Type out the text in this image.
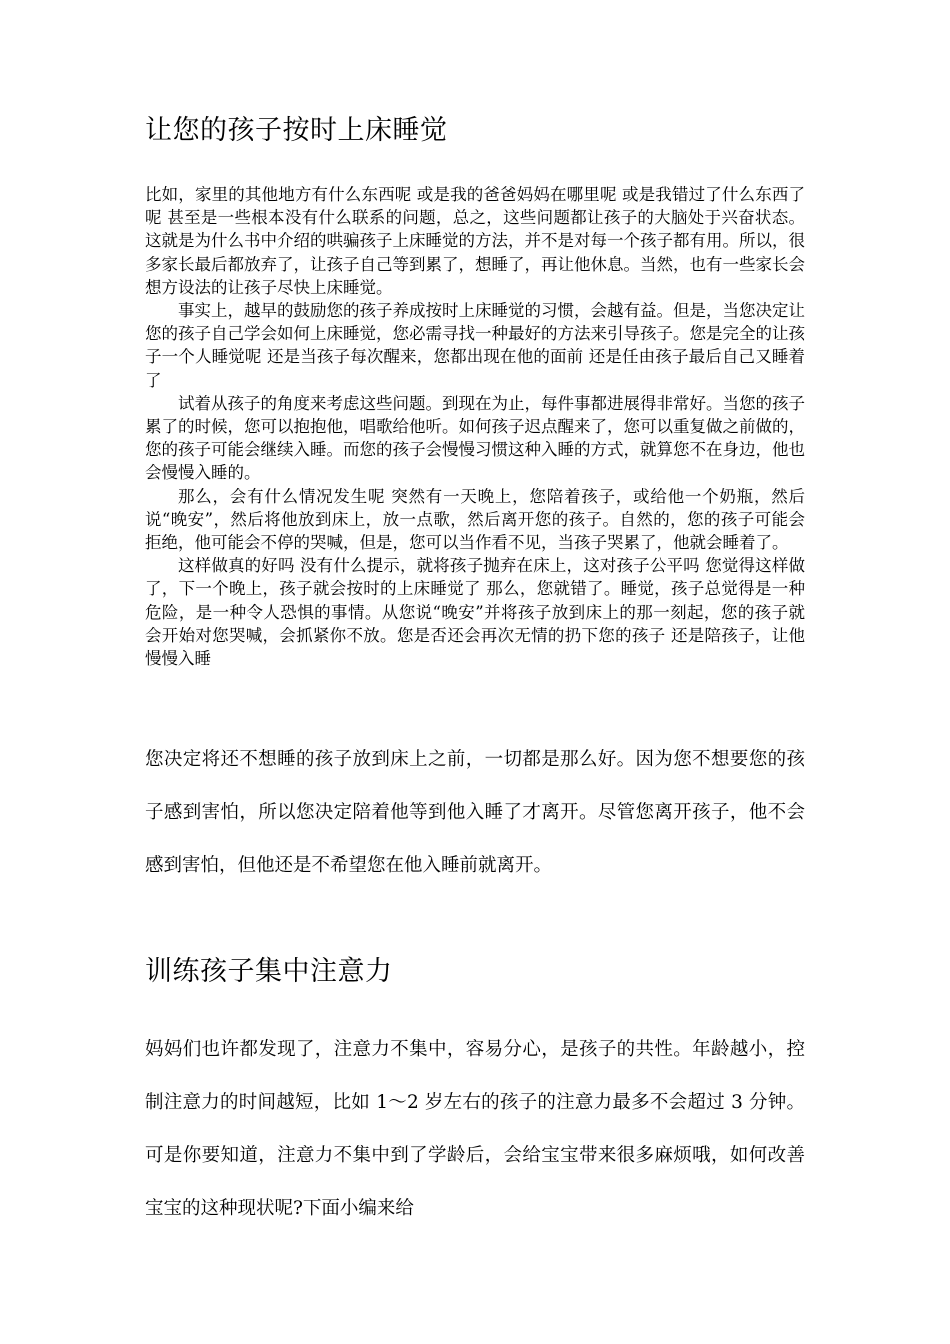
让您的孩子按时上床睡觉

比如，家里的其他地方有什么东西呢 或是我的爸爸妈妈在哪里呢 或是我错过了什么东西了呢 甚至是一些根本没有什么联系的问题，总之，这些问题都让孩子的大脑处于兴奋状态。这就是为什么书中介绍的哄骗孩子上床睡觉的方法，并不是对每一个孩子都有用。所以，很多家长最后都放弃了，让孩子自己等到累了，想睡了，再让他休息。当然，也有一些家长会想方设法的让孩子尽快上床睡觉。

事实上，越早的鼓励您的孩子养成按时上床睡觉的习惯，会越有益。但是，当您决定让您的孩子自己学会如何上床睡觉，您必需寻找一种最好的方法来引导孩子。您是完全的让孩子一个人睡觉呢 还是当孩子每次醒来，您都出现在他的面前 还是任由孩子最后自己又睡着了

试着从孩子的角度来考虑这些问题。到现在为止，每件事都进展得非常好。当您的孩子累了的时候，您可以抱抱他，唱歌给他听。如何孩子迟点醒来了，您可以重复做之前做的，您的孩子可能会继续入睡。而您的孩子会慢慢习惯这种入睡的方式，就算您不在身边，他也会慢慢入睡的。

那么，会有什么情况发生呢 突然有一天晚上，您陪着孩子，或给他一个奶瓶，然后说“晚安”，然后将他放到床上，放一点歌，然后离开您的孩子。自然的，您的孩子可能会拒绝，他可能会不停的哭喊，但是，您可以当作看不见，当孩子哭累了，他就会睡着了。

这样做真的好吗 没有什么提示，就将孩子抛弃在床上，这对孩子公平吗 您觉得这样做了，下一个晚上，孩子就会按时的上床睡觉了 那么，您就错了。睡觉，孩子总觉得是一种危险，是一种令人恐惧的事情。从您说“晚安”并将孩子放到床上的那一刻起，您的孩子就会开始对您哭喊，会抓紧你不放。您是否还会再次无情的扔下您的孩子 还是陪孩子，让他慢慢入睡

您决定将还不想睡的孩子放到床上之前，一切都是那么好。因为您不想要您的孩子感到害怕，所以您决定陪着他等到他入睡了才离开。尽管您离开孩子，他不会感到害怕，但他还是不希望您在他入睡前就离开。

训练孩子集中注意力

妈妈们也许都发现了，注意力不集中，容易分心，是孩子的共性。年龄越小，控制注意力的时间越短，比如 1～2 岁左右的孩子的注意力最多不会超过 3 分钟。可是你要知道，注意力不集中到了学龄后，会给宝宝带来很多麻烦哦，如何改善宝宝的这种现状呢?下面小编来给
